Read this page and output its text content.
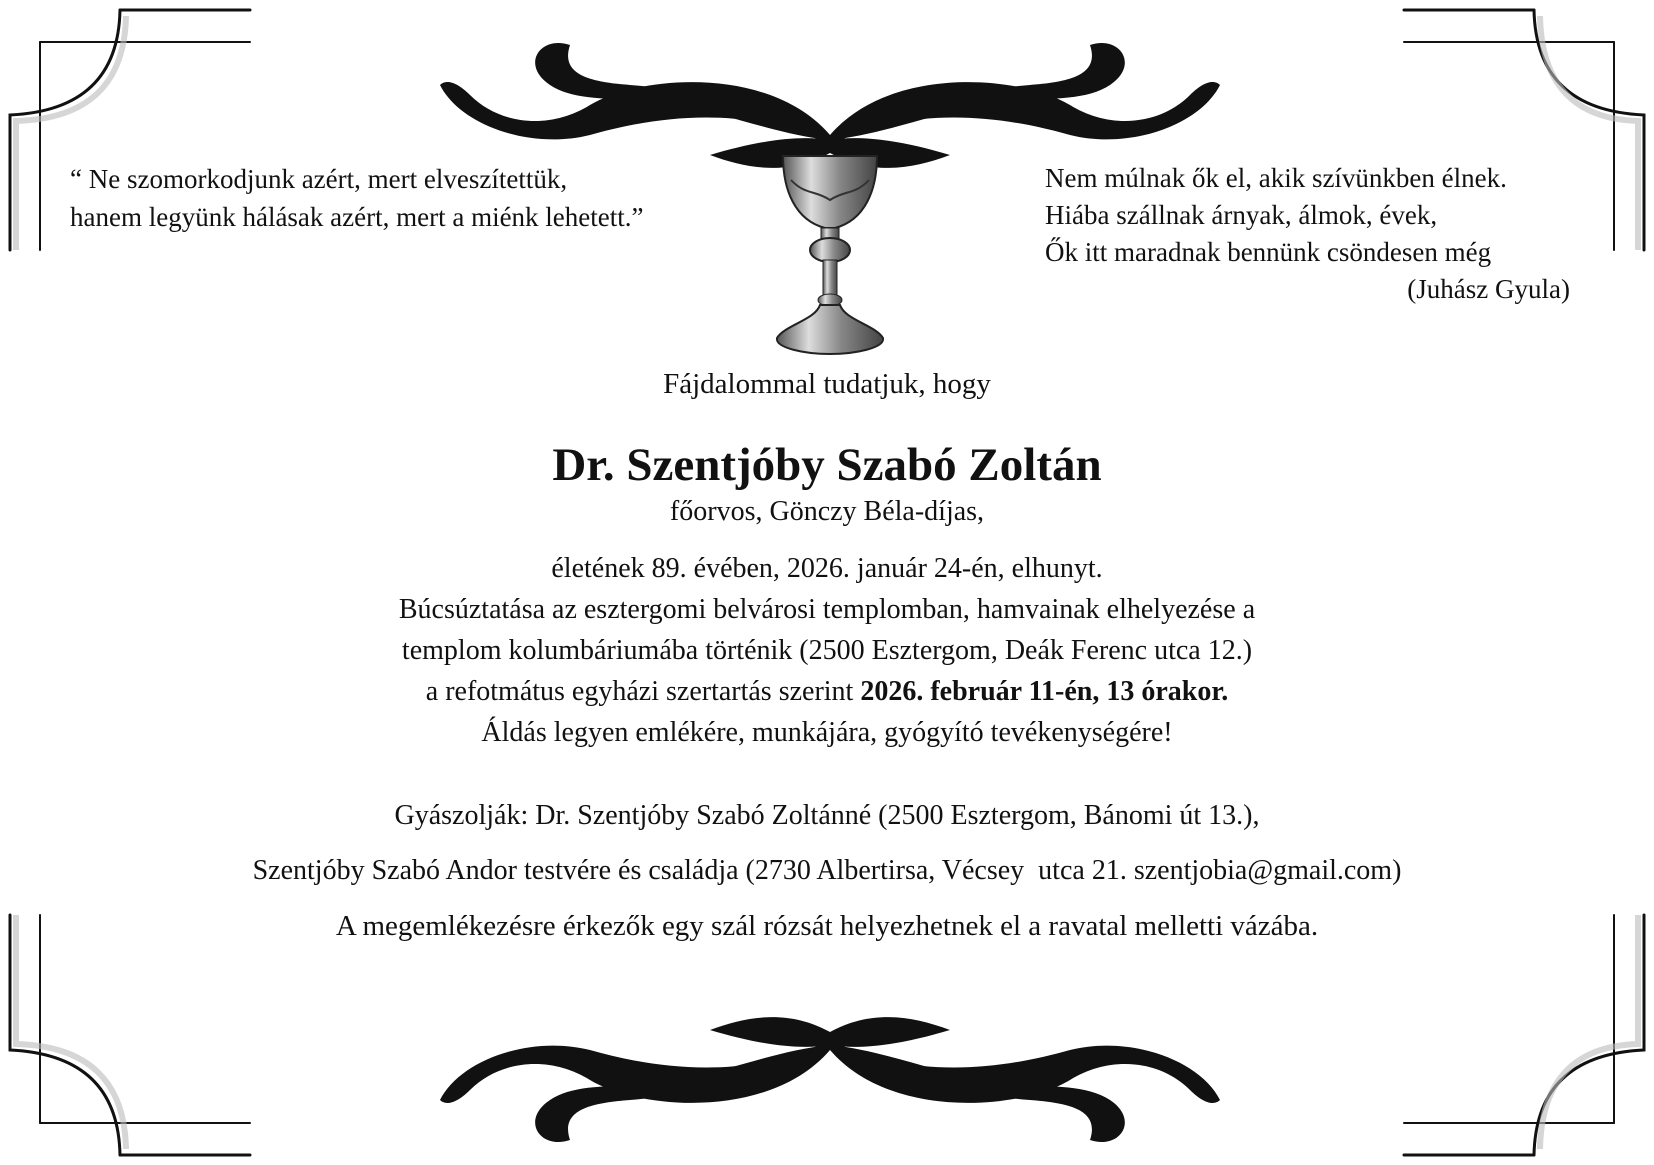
“ Ne szomorkodjunk azért, mert elveszítettük,
hanem legyünk hálásak azért, mert a miénk lehetett.”
Nem múlnak ők el, akik szívünkben élnek.
Hiába szállnak árnyak, álmok, évek,
Ők itt maradnak bennünk csöndesen még
(Juhász Gyula)
Fájdalommal tudatjuk, hogy
Dr. Szentjóby Szabó Zoltán
főorvos, Gönczy Béla-díjas,
életének 89. évében, 2026. január 24-én, elhunyt.
Búcsúztatása az esztergomi belvárosi templomban, hamvainak elhelyezése a
templom kolumbáriumába történik (2500 Esztergom, Deák Ferenc utca 12.)
a refotmátus egyházi szertartás szerint 2026. február 11-én, 13 órakor.
Áldás legyen emlékére, munkájára, gyógyító tevékenységére!
Gyászolják: Dr. Szentjóby Szabó Zoltánné (2500 Esztergom, Bánomi út 13.),
Szentjóby Szabó Andor testvére és családja (2730 Albertirsa, Vécsey  utca 21. szentjobia@gmail.com)
A megemlékezésre érkezők egy szál rózsát helyezhetnek el a ravatal melletti vázába.
